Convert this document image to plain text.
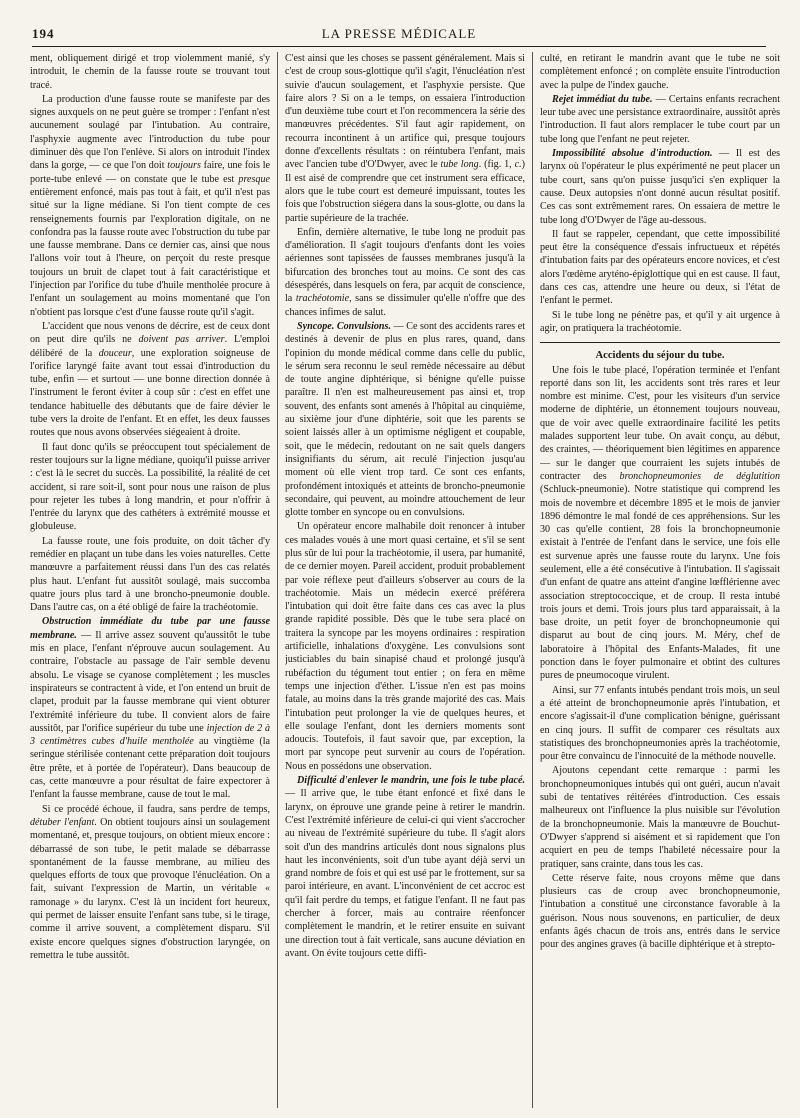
194	LA PRESSE MÉDICALE

ment, obliquement dirigé et trop violemment manié, s'y introduit, le chemin de la fausse route se trouvant tout tracé.

La production d'une fausse route se manifeste par des signes auxquels on ne peut guère se tromper : l'enfant n'est aucunement soulagé par l'intubation. Au contraire, l'asphyxie augmente avec l'introduction du tube pour diminuer dès que l'on l'enlève. Si alors on introduit l'index dans la gorge, — ce que l'on doit toujours faire, une fois le porte-tube enlevé — on constate que le tube est presque entièrement enfoncé, mais pas tout à fait, et qu'il n'est pas situé sur la ligne médiane. Si l'on tient compte de ces renseignements fournis par l'exploration digitale, on ne confondra pas la fausse route avec l'obstruction du tube par une fausse membrane. Dans ce dernier cas, ainsi que nous l'allons voir tout à l'heure, on perçoit du reste presque toujours un bruit de clapet tout à fait caractéristique et l'injection par l'orifice du tube d'huile mentholée procure à l'enfant un soulagement au moins momentané que l'on n'obtient pas lorsque c'est d'une fausse route qu'il s'agit.

L'accident que nous venons de décrire, est de ceux dont on peut dire qu'ils ne doivent pas arriver. L'emploi délibéré de la douceur, une exploration soigneuse de l'orifice laryngé faite avant tout essai d'introduction du tube, enfin — et surtout — une bonne direction donnée à l'instrument le feront éviter à coup sûr : c'est en effet une tendance habituelle des débutants que de faire dévier le tube vers la droite de l'enfant. Et en effet, les deux fausses routes que nous avons observées siégeaient à droite.

Il faut donc qu'ils se préoccupent tout spécialement de rester toujours sur la ligne médiane, quoiqu'il puisse arriver : c'est là le secret du succès. La possibilité, la réalité de cet accident, si rare soit-il, sont pour nous une raison de plus pour rejeter les tubes à long mandrin, et pour n'offrir à l'entrée du larynx que des cathéters à extrémité mousse et globuleuse.

La fausse route, une fois produite, on doit tâcher d'y remédier en plaçant un tube dans les voies naturelles. Cette manœuvre a parfaitement réussi dans l'un des cas relatés plus haut. L'enfant fut aussitôt soulagé, mais succomba quatre jours plus tard à une broncho-pneumonie double. Dans l'autre cas, on a été obligé de faire la trachéotomie.

Obstruction immédiate du tube par une fausse membrane. — Il arrive assez souvent qu'aussitôt le tube mis en place, l'enfant n'éprouve aucun soulagement. Au contraire, l'obstacle au passage de l'air semble devenu absolu. Le visage se cyanose complètement ; les muscles inspirateurs se contractent à vide, et l'on entend un bruit de clapet, produit par la fausse membrane qui vient obturer l'extrémité inférieure du tube. Il convient alors de faire aussitôt, par l'orifice supérieur du tube une injection de 2 à 3 centimètres cubes d'huile mentholée au vingtième (la seringue stérilisée contenant cette préparation doit toujours être prête, et à portée de l'opérateur). Dans beaucoup de cas, cette manœuvre a pour résultat de faire expectorer à l'enfant la fausse membrane, cause de tout le mal.

Si ce procédé échoue, il faudra, sans perdre de temps, détuber l'enfant. On obtient toujours ainsi un soulagement momentané, et, presque toujours, on obtient mieux encore : débarrassé de son tube, le petit malade se débarrasse spontanément de la fausse membrane, au milieu des quelques efforts de toux que provoque l'énucléation. On a fait, suivant l'expression de Martin, un véritable « ramonage » du larynx. C'est là un incident fort heureux, qui permet de laisser ensuite l'enfant sans tube, si le tirage, comme il arrive souvent, a complètement disparu. S'il existe encore quelques signes d'obstruction laryngée, on remettra le tube aussitôt.

C'est ainsi que les choses se passent généralement. Mais si c'est de croup sous-glottique qu'il s'agit, l'énucléation n'est suivie d'aucun soulagement, et l'asphyxie persiste. Que faire alors ? Si on a le temps, on essaiera l'introduction d'un deuxième tube court et l'on recommencera la série des manœuvres précédentes. S'il faut agir rapidement, on recourra incontinent à un artifice qui, presque toujours donne d'excellents résultats : on réintubera l'enfant, mais avec l'ancien tube d'O'Dwyer, avec le tube long. (fig. 1, c.) Il est aisé de comprendre que cet instrument sera efficace, alors que le tube court est demeuré impuissant, toutes les fois que l'obstruction siégera dans la sous-glotte, ou dans la partie supérieure de la trachée.

Enfin, dernière alternative, le tube long ne produit pas d'amélioration. Il s'agit toujours d'enfants dont les voies aériennes sont tapissées de fausses membranes jusqu'à la bifurcation des bronches tout au moins. Ce sont des cas désespérés, dans lesquels on fera, par acquit de conscience, la trachéotomie, sans se dissimuler qu'elle n'offre que des chances infimes de salut.

Syncope. Convulsions. — Ce sont des accidents rares et destinés à devenir de plus en plus rares, quand, dans l'opinion du monde médical comme dans celle du public, le sérum sera reconnu le seul remède nécessaire au début de toute angine diphtérique, si bénigne qu'elle puisse paraître. Il n'en est malheureusement pas ainsi et, trop souvent, des enfants sont amenés à l'hôpital au cinquième, au sixième jour d'une diphtérie, soit que les parents se soient laissés aller à un optimisme négligent et coupable, soit, que le médecin, redoutant on ne sait quels dangers insignifiants du sérum, ait reculé l'injection jusqu'au moment où elle vient trop tard. Ce sont ces enfants, profondément intoxiqués et atteints de broncho-pneumonie secondaire, qui peuvent, au moindre attouchement de leur glotte tomber en syncope ou en convulsions.

Un opérateur encore malhabile doit renoncer à intuber ces malades voués à une mort quasi certaine, et s'il se sent plus sûr de lui pour la trachéotomie, il usera, par humanité, de ce dernier moyen. Pareil accident, produit probablement par voie réflexe peut d'ailleurs s'observer au cours de la trachéotomie. Mais un médecin exercé préférera l'intubation qui doit être faite dans ces cas avec la plus grande rapidité possible. Dès que le tube sera placé on traitera la syncope par les moyens ordinaires : respiration artificielle, inhalations d'oxygène. Les convulsions sont justiciables du bain sinapisé chaud et prolongé jusqu'à rubéfaction du tégument tout entier ; on fera en même temps une injection d'éther. L'issue n'en est pas moins fatale, au moins dans la très grande majorité des cas. Mais l'intubation peut prolonger la vie de quelques heures, et elle soulage l'enfant, dont les derniers moments sont adoucis. Toutefois, il faut savoir que, par exception, la mort par syncope peut survenir au cours de l'opération. Nous en possédons une observation.

Difficulté d'enlever le mandrin, une fois le tube placé. — Il arrive que, le tube étant enfoncé et fixé dans le larynx, on éprouve une grande peine à retirer le mandrin. C'est l'extrémité inférieure de celui-ci qui vient s'accrocher au niveau de l'extrémité supérieure du tube. Il s'agit alors soit d'un des mandrins articulés dont nous signalons plus haut les inconvénients, soit d'un tube ayant déjà servi un grand nombre de fois et qui est usé par le frottement, sur sa paroi intérieure, en avant. L'inconvénient de cet accroc est qu'il fait perdre du temps, et fatigue l'enfant. Il ne faut pas chercher à forcer, mais au contraire réenfoncer complètement le mandrin, et le retirer ensuite en suivant une direction tout à fait verticale, sans aucune déviation en avant. On évite toujours cette diffi-

culté, en retirant le mandrin avant que le tube ne soit complètement enfoncé ; on complète ensuite l'introduction avec la pulpe de l'index gauche.

Rejet immédiat du tube. — Certains enfants recrachent leur tube avec une persistance extraordinaire, aussitôt après l'introduction. Il faut alors remplacer le tube court par un tube long que l'enfant ne peut rejeter.

Impossibilité absolue d'introduction. — Il est des larynx où l'opérateur le plus expérimenté ne peut placer un tube court, sans qu'on puisse jusqu'ici s'en expliquer la cause. Deux autopsies n'ont donné aucun résultat positif. Ces cas sont extrêmement rares. On essaiera de mettre le tube long d'O'Dwyer de l'âge au-dessous.

Il faut se rappeler, cependant, que cette impossibilité peut être la conséquence d'essais infructueux et répétés d'intubation faits par des opérateurs encore novices, et c'est alors l'œdème aryténo-épiglottique qui en est cause. Il faut, dans ces cas, attendre une heure ou deux, si l'état de l'enfant le permet.

Si le tube long ne pénètre pas, et qu'il y ait urgence à agir, on pratiquera la trachéotomie.

Accidents du séjour du tube.

Une fois le tube placé, l'opération terminée et l'enfant reporté dans son lit, les accidents sont très rares et leur nombre est minime. C'est, pour les visiteurs d'un service moderne de diphtérie, un étonnement toujours nouveau, que de voir avec quelle extraordinaire facilité les petits malades supportent leur tube. On avait conçu, au début, des craintes, — théoriquement bien légitimes en apparence — sur le danger que courraient les sujets intubés de contracter des bronchopneumonies de déglutition (Schluck-pneumonie). Notre statistique qui comprend les mois de novembre et décembre 1895 et le mois de janvier 1896 démontre le mal fondé de ces appréhensions. Sur les 30 cas qu'elle contient, 28 fois la bronchopneumonie existait à l'entrée de l'enfant dans le service, une fois elle est survenue après une fausse route du larynx. Une fois seulement, elle a été consécutive à l'intubation. Il s'agissait d'un enfant de quatre ans atteint d'angine lœfflérienne avec association streptococcique, et de croup. Il resta intubé trois jours et demi. Trois jours plus tard apparaissait, à la base droite, un petit foyer de bronchopneumonie qui disparut au bout de cinq jours. M. Méry, chef de laboratoire à l'hôpital des Enfants-Malades, fit une ponction dans le foyer pulmonaire et obtint des cultures pures de pneumocoque virulent.

Ainsi, sur 77 enfants intubés pendant trois mois, un seul a été atteint de bronchopneumonie après l'intubation, et encore s'agissait-il d'une complication bénigne, guérissant en cinq jours. Il suffit de comparer ces résultats aux statistiques des bronchopneumonies après la trachéotomie, pour être convaincu de l'innocuité de la méthode nouvelle.

Ajoutons cependant cette remarque : parmi les bronchopneumoniques intubés qui ont guéri, aucun n'avait subi de tentatives réitérées d'introduction. Ces essais malheureux ont l'influence la plus nuisible sur l'évolution de la bronchopneumonie. Mais la manœuvre de Bouchut-O'Dwyer s'apprend si aisément et si rapidement que l'on acquiert en peu de temps l'habileté nécessaire pour la pratiquer, sans crainte, dans tous les cas.

Cette réserve faite, nous croyons même que dans plusieurs cas de croup avec bronchopneumonie, l'intubation a constitué une circonstance favorable à la guérison. Nous nous souvenons, en particulier, de deux enfants âgés chacun de trois ans, entrés dans le service pour des angines graves (à bacille diphtérique et à strepto-
